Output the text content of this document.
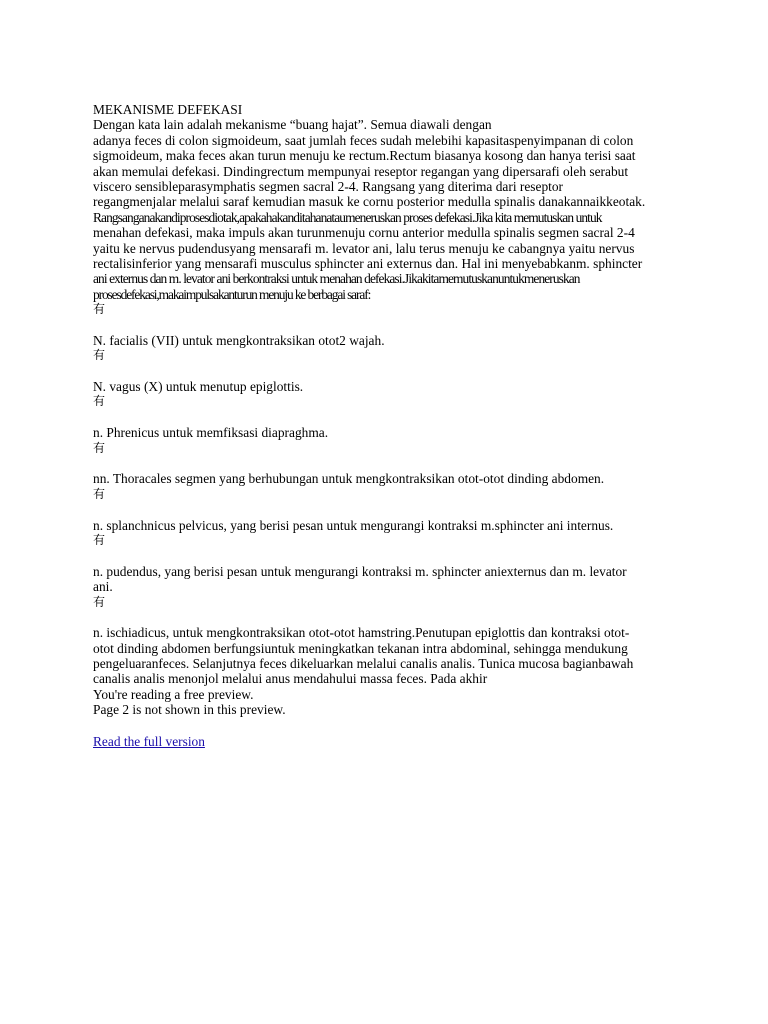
MEKANISME DEFEKASI
Dengan kata lain adalah mekanisme “buang hajat”. Semua diawali dengan
adanya feces di colon sigmoideum, saat jumlah feces sudah melebihi kapasitaspenyimpanan di colon
sigmoideum, maka feces akan turun menuju ke rectum.Rectum biasanya kosong dan hanya terisi saat
akan memulai defekasi. Dindingrectum mempunyai reseptor regangan yang dipersarafi oleh serabut
viscero sensibleparasymphatis segmen sacral 2-4. Rangsang yang diterima dari reseptor
regangmenjalar melalui saraf kemudian masuk ke cornu posterior medulla spinalis danakannaikkeotak.
Rangsanganakandiprosesdiotak,apakahakanditahanataumeneruskan proses defekasi.Jika kita memutuskan untuk
menahan defekasi, maka impuls akan turunmenuju cornu anterior medulla spinalis segmen sacral 2-4
yaitu ke nervus pudendusyang mensarafi m. levator ani, lalu terus menuju ke cabangnya yaitu nervus
rectalisinferior yang mensarafi musculus sphincter ani externus dan. Hal ini menyebabkanm. sphincter
ani externus dan m. levator ani berkontraksi untuk menahan defekasi.Jikakitamemutuskanuntukmeneruskan
prosesdefekasi,makaimpulsakanturun menuju ke berbagai saraf:
有
N. facialis (VII) untuk mengkontraksikan otot2 wajah.
有
N. vagus (X) untuk menutup epiglottis.
有
n. Phrenicus untuk memfiksasi diapraghma.
有
nn. Thoracales segmen yang berhubungan untuk mengkontraksikan otot-otot dinding abdomen.
有
n. splanchnicus pelvicus, yang berisi pesan untuk mengurangi kontraksi m.sphincter ani internus.
有
n. pudendus, yang berisi pesan untuk mengurangi kontraksi m. sphincter aniexternus dan m. levator
ani.
有
n. ischiadicus, untuk mengkontraksikan otot-otot hamstring.Penutupan epiglottis dan kontraksi otot-
otot dinding abdomen berfungsiuntuk meningkatkan tekanan intra abdominal, sehingga mendukung
pengeluaranfeces. Selanjutnya feces dikeluarkan melalui canalis analis. Tunica mucosa bagianbawah
canalis analis menonjol melalui anus mendahului massa feces. Pada akhir
You're reading a free preview.
Page 2 is not shown in this preview.
Read the full version
